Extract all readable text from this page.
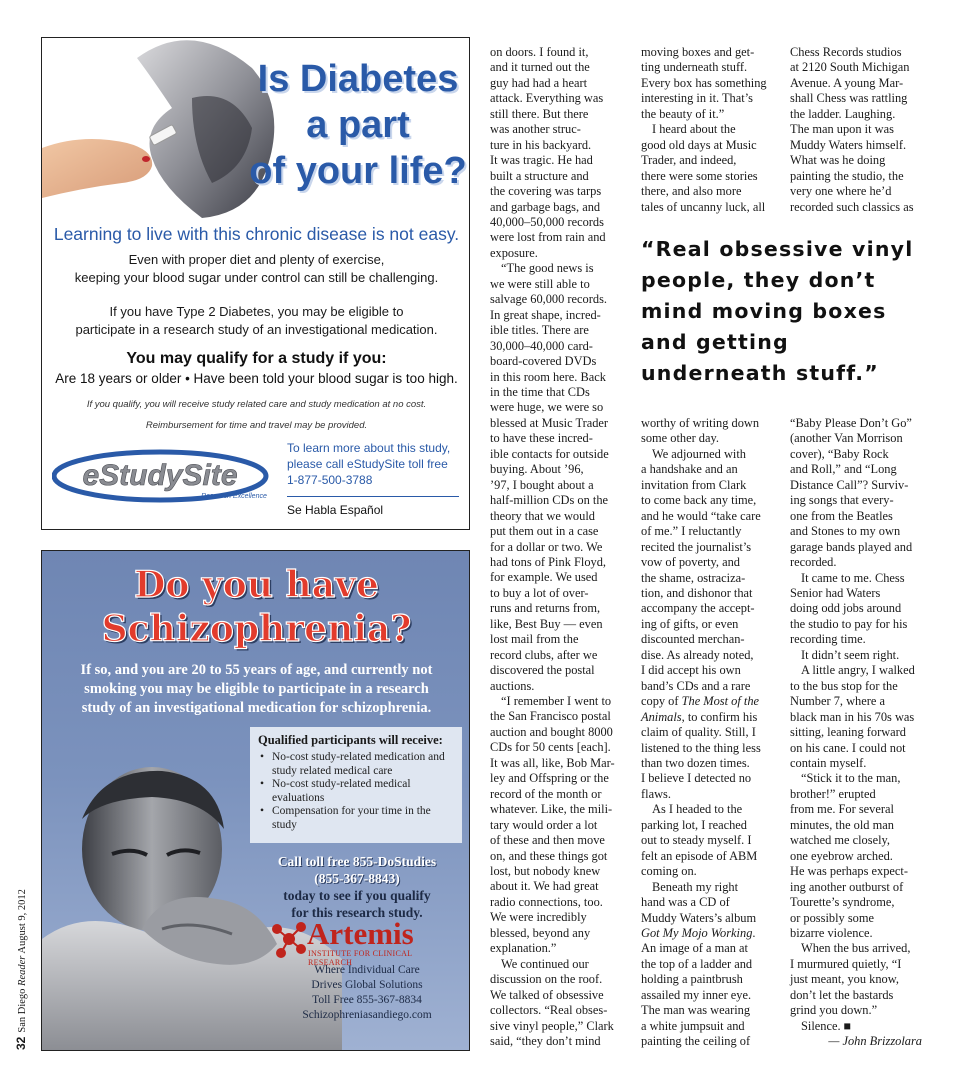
Is Diabetes
a part
of your life?
Learning to live with this chronic disease is not easy.
Even with proper diet and plenty of exercise,
keeping your blood sugar under control can still be challenging.
If you have Type 2 Diabetes, you may be eligible to
participate in a research study of an investigational medication.
You may qualify for a study if you:
Are 18 years or older • Have been told your blood sugar is too high.
If you qualify, you will receive study related care and study medication at no cost.
Reimbursement for time and travel may be provided.
eStudySite
Research Excellence
To learn more about this study,
please call eStudySite toll free
1-877-500-3788
Se Habla Español
Do you have
Schizophrenia?
If so, and you are 20 to 55 years of age, and currently not
smoking you may be eligible to participate in a research
study of an investigational medication for schizophrenia.
Qualified participants will receive:
• No-cost study-related medication and study related medical care
• No-cost study-related medical evaluations
• Compensation for your time in the study
Call toll free 855-DoStudies
(855-367-8843)
today to see if you qualify
for this research study.
Artemis
INSTITUTE FOR CLINICAL RESEARCH
Where Individual Care
Drives Global Solutions
Toll Free 855-367-8834
Schizophreniasandiego.com
32San Diego Reader August 9, 2012

on doors. I found it,
and it turned out the
guy had had a heart
attack. Everything was
still there. But there
was another struc-
ture in his backyard.
It was tragic. He had
built a structure and
the covering was tarps
and garbage bags, and
40,000–50,000 records
were lost from rain and
exposure.

“The good news is
we were still able to
salvage 60,000 records.
In great shape, incred-
ible titles. There are
30,000–40,000 card-
board-covered DVDs
in this room here. Back
in the time that CDs
were huge, we were so
blessed at Music Trader
to have these incred-
ible contacts for outside
buying. About ’96,
’97, I bought about a
half-million CDs on the
theory that we would
put them out in a case
for a dollar or two. We
had tons of Pink Floyd,
for example. We used
to buy a lot of over-
runs and returns from,
like, Best Buy — even
lost mail from the
record clubs, after we
discovered the postal
auctions.

“I remember I went to
the San Francisco postal
auction and bought 8000
CDs for 50 cents [each].
It was all, like, Bob Mar-
ley and Offspring or the
record of the month or
whatever. Like, the mili-
tary would order a lot
of these and then move
on, and these things got
lost, but nobody knew
about it. We had great
radio connections, too.
We were incredibly
blessed, beyond any
explanation.”

We continued our
discussion on the roof.
We talked of obsessive
collectors. “Real obses-
sive vinyl people,” Clark
said, “they don’t mind

moving boxes and get-
ting underneath stuff.
Every box has something
interesting in it. That’s
the beauty of it.”

I heard about the
good old days at Music
Trader, and indeed,
there were some stories
there, and also more
tales of uncanny luck, all

Chess Records studios
at 2120 South Michigan
Avenue. A young Mar-
shall Chess was rattling
the ladder. Laughing.
The man upon it was
Muddy Waters himself.
What was he doing
painting the studio, the
very one where he’d
recorded such classics as

“Real obsessive vinyl people, they don’t mind moving boxes and getting underneath stuff.”

worthy of writing down
some other day.

We adjourned with
a handshake and an
invitation from Clark
to come back any time,
and he would “take care
of me.” I reluctantly
recited the journalist’s
vow of poverty, and
the shame, ostraciza-
tion, and dishonor that
accompany the accept-
ing of gifts, or even
discounted merchan-
dise. As already noted,
I did accept his own
band’s CDs and a rare
copy of The Most of the
Animals, to confirm his
claim of quality. Still, I
listened to the thing less
than two dozen times.
I believe I detected no
flaws.

As I headed to the
parking lot, I reached
out to steady myself. I
felt an episode of ABM
coming on.

Beneath my right
hand was a CD of
Muddy Waters’s album
Got My Mojo Working.
An image of a man at
the top of a ladder and
holding a paintbrush
assailed my inner eye.
The man was wearing
a white jumpsuit and
painting the ceiling of

“Baby Please Don’t Go”
(another Van Morrison
cover), “Baby Rock
and Roll,” and “Long
Distance Call”? Surviv-
ing songs that every-
one from the Beatles
and Stones to my own
garage bands played and
recorded.

It came to me. Chess
Senior had Waters
doing odd jobs around
the studio to pay for his
recording time.

It didn’t seem right.

A little angry, I walked
to the bus stop for the
Number 7, where a
black man in his 70s was
sitting, leaning forward
on his cane. I could not
contain myself.

“Stick it to the man,
brother!” erupted
from me. For several
minutes, the old man
watched me closely,
one eyebrow arched.
He was perhaps expect-
ing another outburst of
Tourette’s syndrome,
or possibly some
bizarre violence.

When the bus arrived,
I murmured quietly, “I
just meant, you know,
don’t let the bastards
grind you down.”

Silence. ■

— John Brizzolara
